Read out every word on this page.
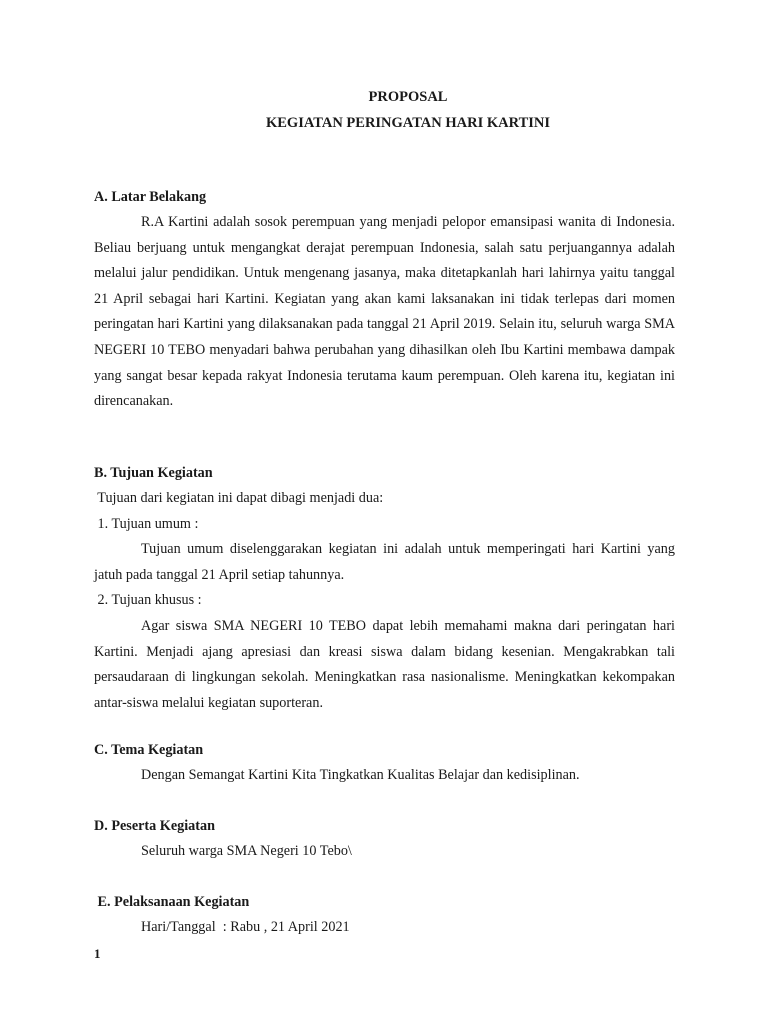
PROPOSAL
KEGIATAN PERINGATAN HARI KARTINI
A. Latar Belakang

R.A Kartini adalah sosok perempuan yang menjadi pelopor emansipasi wanita di Indonesia. Beliau berjuang untuk mengangkat derajat perempuan Indonesia, salah satu perjuangannya adalah melalui jalur pendidikan. Untuk mengenang jasanya, maka ditetapkanlah hari lahirnya yaitu tanggal 21 April sebagai hari Kartini. Kegiatan yang akan kami laksanakan ini tidak terlepas dari momen peringatan hari Kartini yang dilaksanakan pada tanggal 21 April 2019. Selain itu, seluruh warga SMA NEGERI 10 TEBO menyadari bahwa perubahan yang dihasilkan oleh Ibu Kartini membawa dampak yang sangat besar kepada rakyat Indonesia terutama kaum perempuan. Oleh karena itu, kegiatan ini direncanakan.

B. Tujuan Kegiatan
Tujuan dari kegiatan ini dapat dibagi menjadi dua:
1. Tujuan umum :

Tujuan umum diselenggarakan kegiatan ini adalah untuk memperingati hari Kartini yang jatuh pada tanggal 21 April setiap tahunnya.

2. Tujuan khusus :

Agar siswa SMA NEGERI 10 TEBO dapat lebih memahami makna dari peringatan hari Kartini. Menjadi ajang apresiasi dan kreasi siswa dalam bidang kesenian. Mengakrabkan tali persaudaraan di lingkungan sekolah. Meningkatkan rasa nasionalisme. Meningkatkan kekompakan antar-siswa melalui kegiatan suporteran.

C. Tema Kegiatan
Dengan Semangat Kartini Kita Tingkatkan Kualitas Belajar dan kedisiplinan.
D. Peserta Kegiatan
Seluruh warga SMA Negeri 10 Tebo\
E. Pelaksanaan Kegiatan
Hari/Tanggal  : Rabu , 21 April 2021
1
